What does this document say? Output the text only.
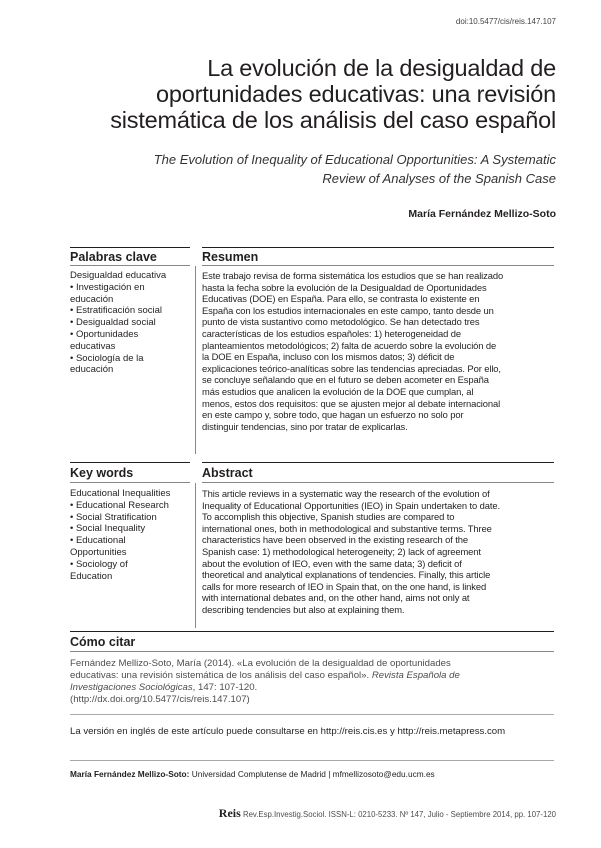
doi:10.5477/cis/reis.147.107
La evolución de la desigualdad de
oportunidades educativas: una revisión
sistemática de los análisis del caso español
The Evolution of Inequality of Educational Opportunities: A Systematic
Review of Analyses of the Spanish Case
María Fernández Mellizo-Soto
Palabras clave	Resumen
Desigualdad educativa
• Investigación en
educación
• Estratificación social
• Desigualdad social
• Oportunidades
educativas
• Sociología de la
educación
Este trabajo revisa de forma sistemática los estudios que se han realizado
hasta la fecha sobre la evolución de la Desigualdad de Oportunidades
Educativas (DOE) en España. Para ello, se contrasta lo existente en
España con los estudios internacionales en este campo, tanto desde un
punto de vista sustantivo como metodológico. Se han detectado tres
características de los estudios españoles: 1) heterogeneidad de
planteamientos metodológicos; 2) falta de acuerdo sobre la evolución de
la DOE en España, incluso con los mismos datos; 3) déficit de
explicaciones teórico-analíticas sobre las tendencias apreciadas. Por ello,
se concluye señalando que en el futuro se deben acometer en España
más estudios que analicen la evolución de la DOE que cumplan, al
menos, estos dos requisitos: que se ajusten mejor al debate internacional
en este campo y, sobre todo, que hagan un esfuerzo no solo por
distinguir tendencias, sino por tratar de explicarlas.
Key words	Abstract
Educational Inequalities
• Educational Research
• Social Stratification
• Social Inequality
• Educational
Opportunities
• Sociology of
Education
This article reviews in a systematic way the research of the evolution of
Inequality of Educational Opportunities (IEO) in Spain undertaken to date.
To accomplish this objective, Spanish studies are compared to
international ones, both in methodological and substantive terms. Three
characteristics have been observed in the existing research of the
Spanish case: 1) methodological heterogeneity; 2) lack of agreement
about the evolution of IEO, even with the same data; 3) deficit of
theoretical and analytical explanations of tendencies. Finally, this article
calls for more research of IEO in Spain that, on the one hand, is linked
with international debates and, on the other hand, aims not only at
describing tendencies but also at explaining them.
Cómo citar
Fernández Mellizo-Soto, María (2014). «La evolución de la desigualdad de oportunidades
educativas: una revisión sistemática de los análisis del caso español». Revista Española de
Investigaciones Sociológicas, 147: 107-120.
(http://dx.doi.org/10.5477/cis/reis.147.107)
La versión en inglés de este artículo puede consultarse en http://reis.cis.es y http://reis.metapress.com
María Fernández Mellizo-Soto: Universidad Complutense de Madrid | mfmellizosoto@edu.ucm.es
Reis Rev.Esp.Investig.Sociol. ISSN-L: 0210-5233. Nº 147, Julio - Septiembre 2014, pp. 107-120
